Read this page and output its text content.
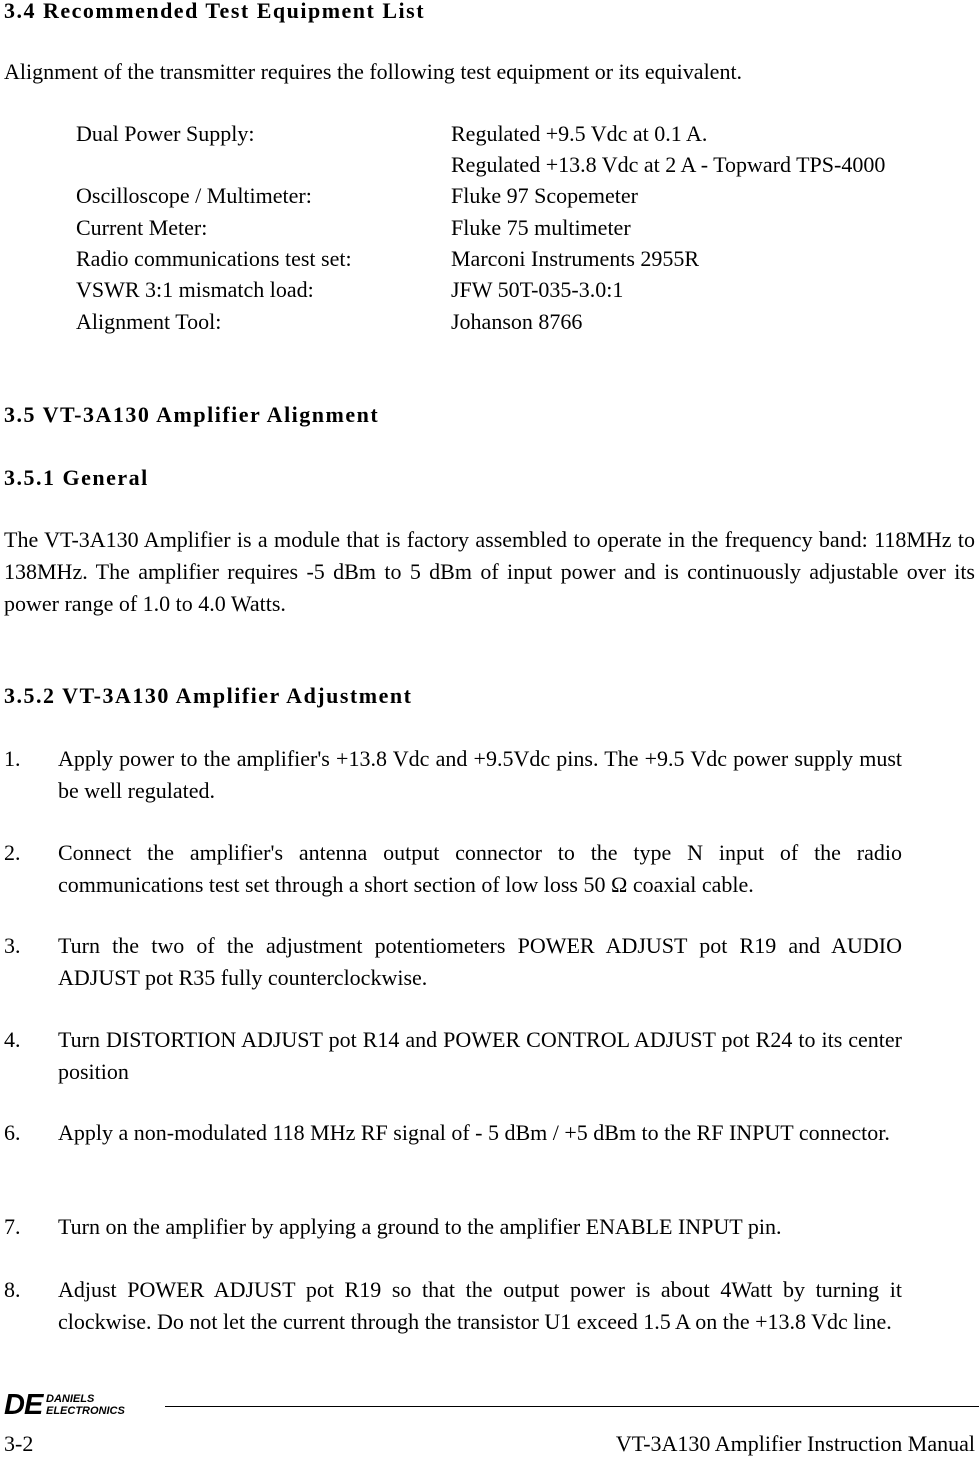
3.4 Recommended Test Equipment List
Alignment of the transmitter requires the following test equipment or its equivalent.
Dual Power Supply:	Regulated +9.5 Vdc at 0.1 A.
Regulated +13.8 Vdc at 2 A - Topward TPS-4000
Oscilloscope / Multimeter:	Fluke 97 Scopemeter
Current Meter:	Fluke 75 multimeter
Radio communications test set:	Marconi Instruments 2955R
VSWR 3:1 mismatch load:	JFW 50T-035-3.0:1
Alignment Tool:	Johanson 8766
3.5 VT-3A130 Amplifier Alignment
3.5.1 General
The VT-3A130 Amplifier is a module that is factory assembled to operate in the frequency band: 118MHz to 138MHz. The amplifier requires -5 dBm to 5 dBm of input power and is continuously adjustable over its power range of 1.0 to 4.0 Watts.
3.5.2 VT-3A130 Amplifier Adjustment
1. Apply power to the amplifier's +13.8 Vdc and +9.5Vdc pins. The +9.5 Vdc power supply must be well regulated.
2. Connect the amplifier's antenna output connector to the type N input of the radio communications test set through a short section of low loss 50 Ω coaxial cable.
3. Turn the two of the adjustment potentiometers POWER ADJUST pot R19 and AUDIO ADJUST pot R35 fully counterclockwise.
4. Turn DISTORTION ADJUST pot R14 and POWER CONTROL ADJUST pot R24 to its center position
6. Apply a non-modulated 118 MHz RF signal of - 5 dBm / +5 dBm to the RF INPUT connector.
7. Turn on the amplifier by applying a ground to the amplifier ENABLE INPUT pin.
8. Adjust POWER ADJUST pot R19 so that the output power is about 4Watt by turning it clockwise. Do not let the current through the transistor U1 exceed 1.5 A on the +13.8 Vdc line.
DE DANIELS
ELECTRONICS
3-2	VT-3A130 Amplifier Instruction Manual
